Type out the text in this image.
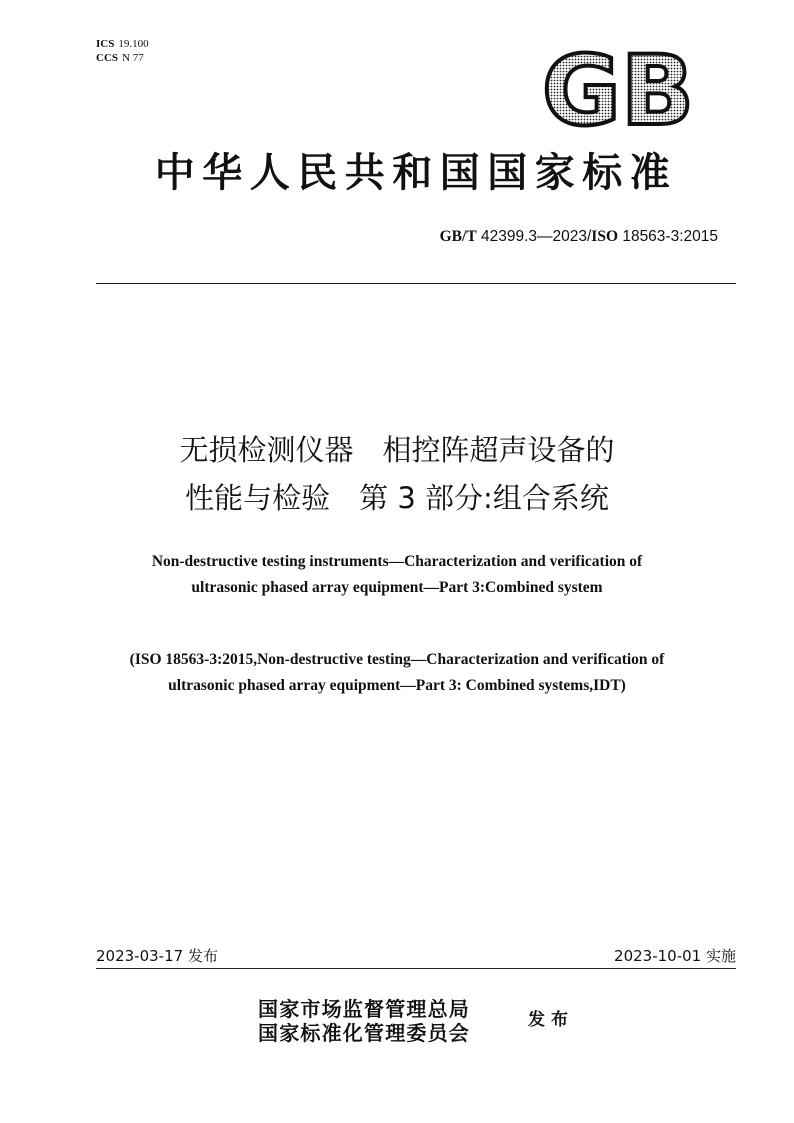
ICS 19.100
CCS N 77	GB
中华人民共和国国家标准
GB/T 42399.3—2023/ISO 18563-3:2015
无损检测仪器　相控阵超声设备的
性能与检验　第 3 部分:组合系统
Non-destructive testing instruments—Characterization and verification of
ultrasonic phased array equipment—Part 3:Combined system
(ISO 18563-3:2015,Non-destructive testing—Characterization and verification of
ultrasonic phased array equipment—Part 3: Combined systems,IDT)
2023-03-17 发布	2023-10-01 实施
国家市场监督管理总局
国家标准化管理委员会
发布
